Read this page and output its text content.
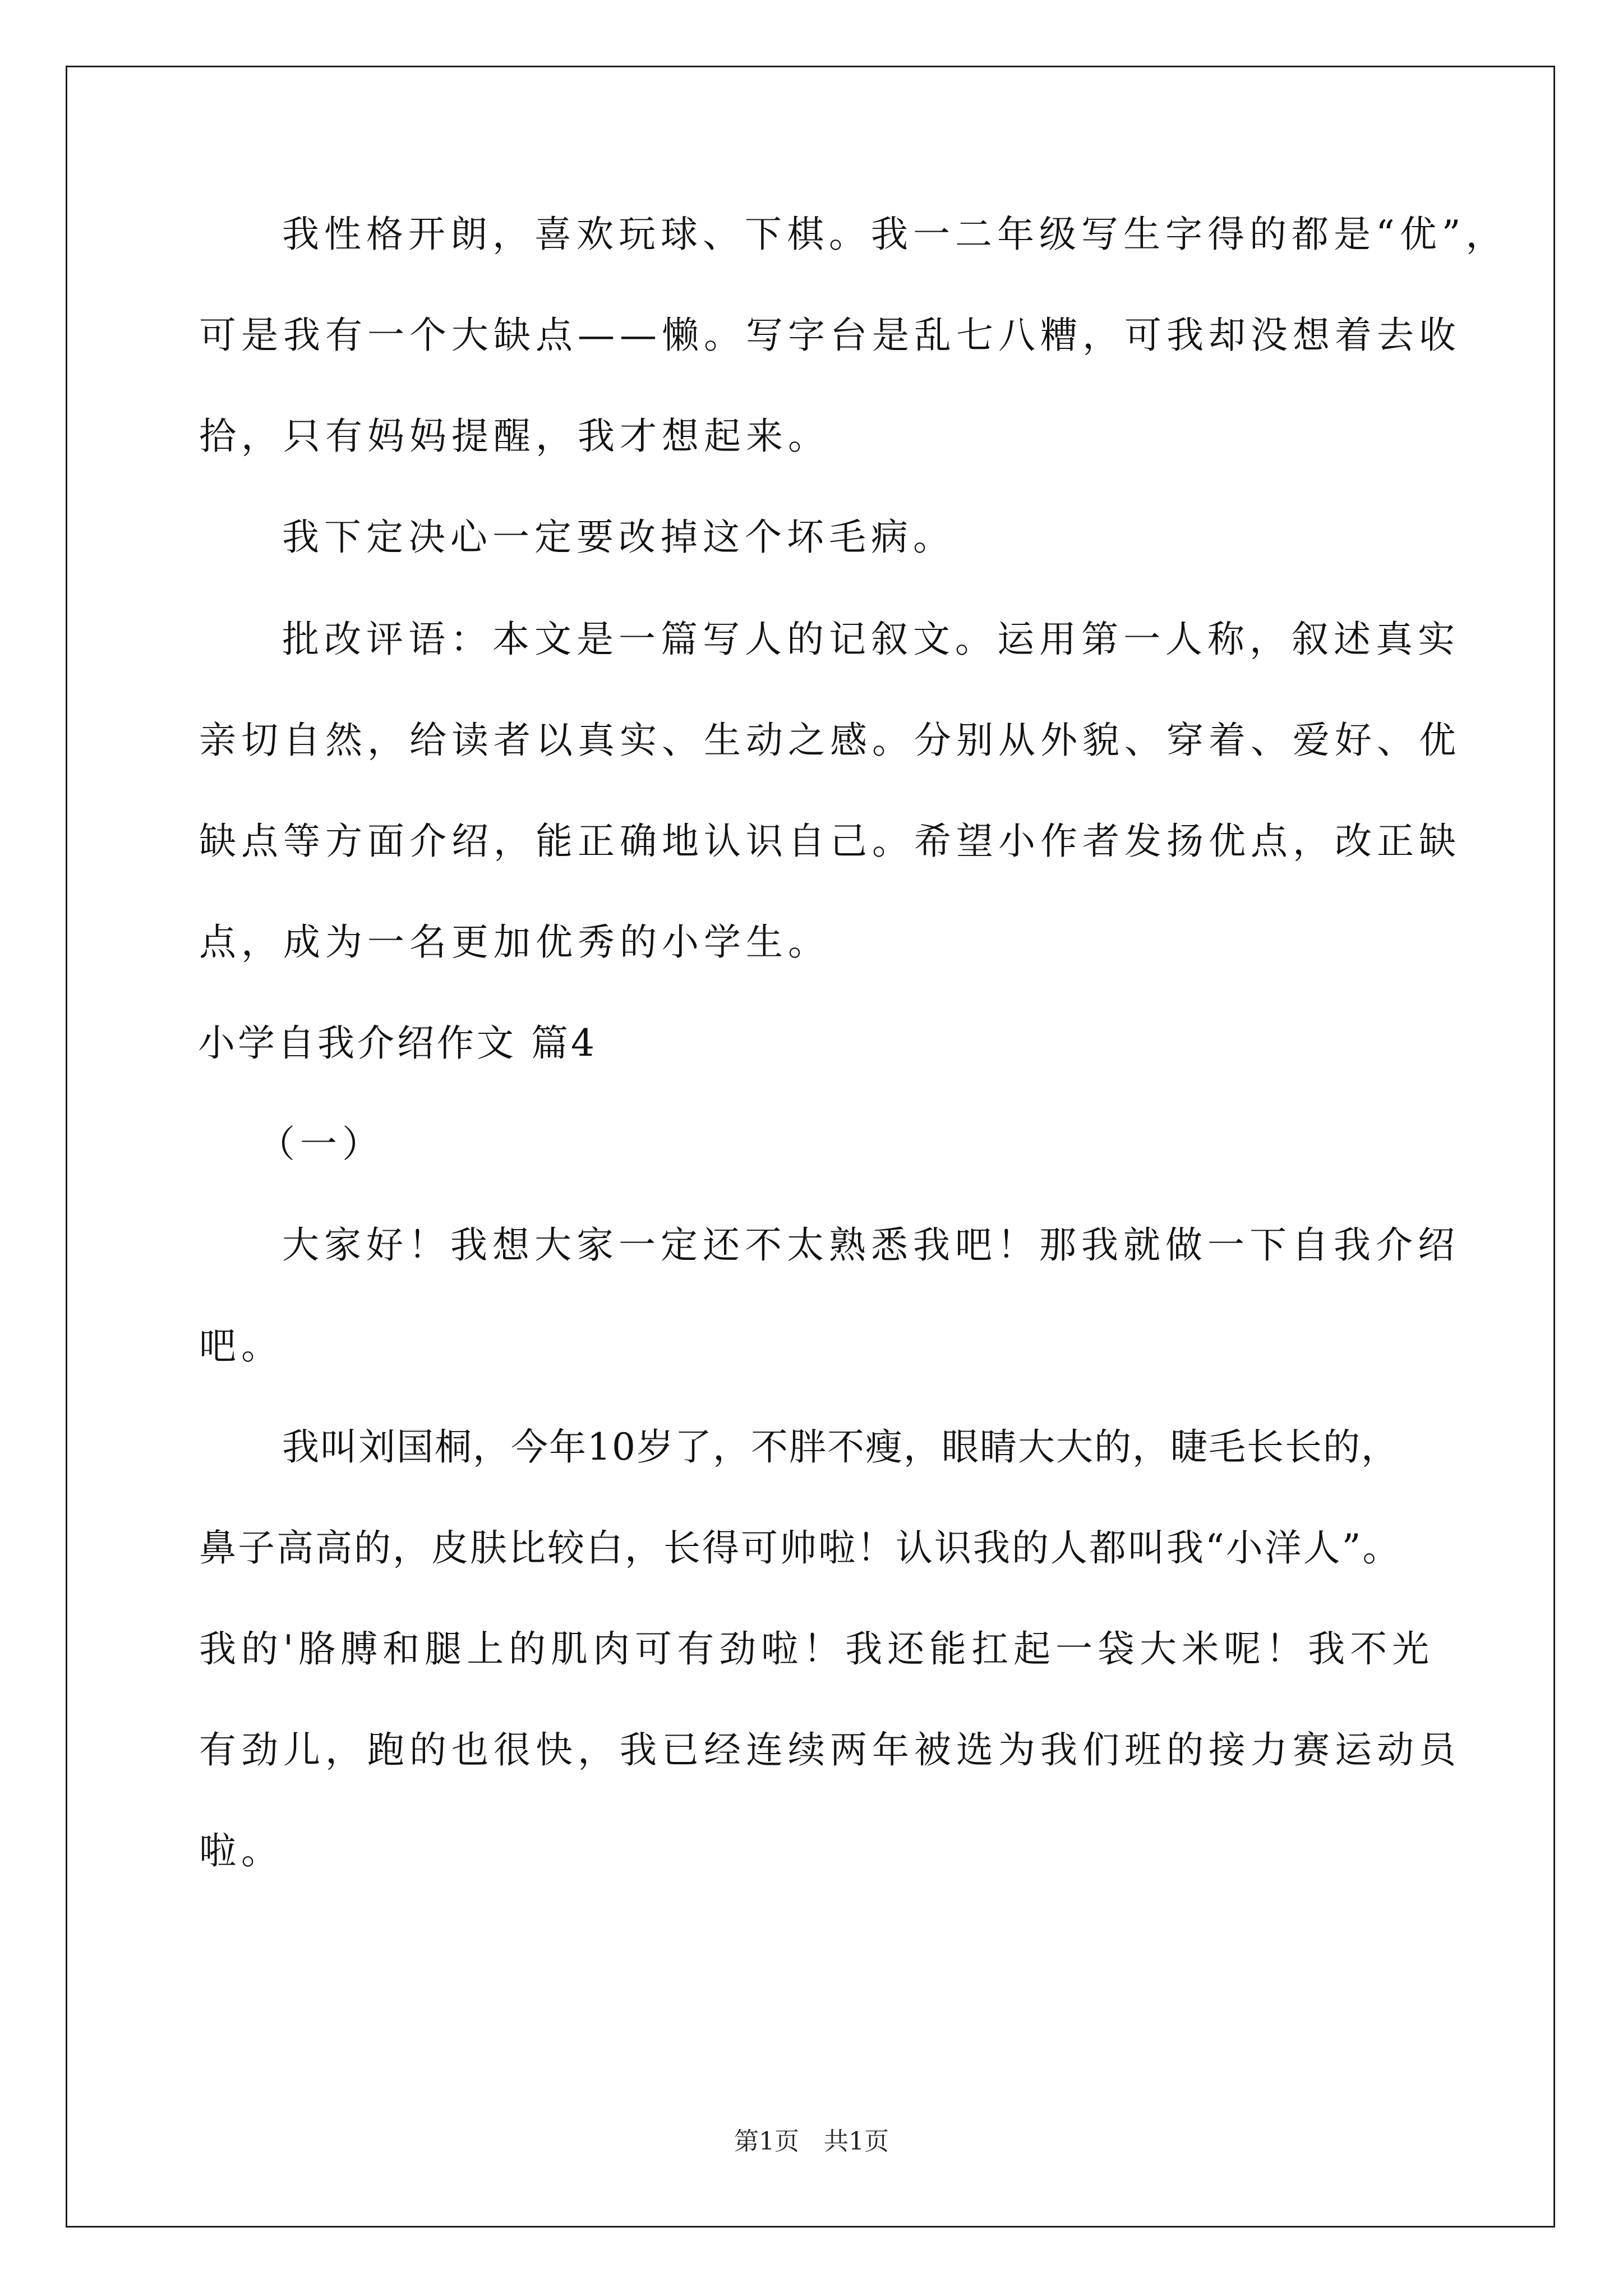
我性格开朗，喜欢玩球、下棋。我一二年级写生字得的都是“优”，
可是我有一个大缺点——懒。写字台是乱七八糟，可我却没想着去收
拾，只有妈妈提醒，我才想起来。
我下定决心一定要改掉这个坏毛病。
批改评语：本文是一篇写人的记叙文。运用第一人称，叙述真实
亲切自然，给读者以真实、生动之感。分别从外貌、穿着、爱好、优
缺点等方面介绍，能正确地认识自己。希望小作者发扬优点，改正缺
点，成为一名更加优秀的小学生。
小学自我介绍作文 篇4
（一）
大家好！我想大家一定还不太熟悉我吧！那我就做一下自我介绍
吧。
我叫刘国桐，今年10岁了，不胖不瘦，眼睛大大的，睫毛长长的，
鼻子高高的，皮肤比较白，长得可帅啦！认识我的人都叫我“小洋人”。
我的'胳膊和腿上的肌肉可有劲啦！我还能扛起一袋大米呢！我不光
有劲儿，跑的也很快，我已经连续两年被选为我们班的接力赛运动员
啦。
第1页　共1页
